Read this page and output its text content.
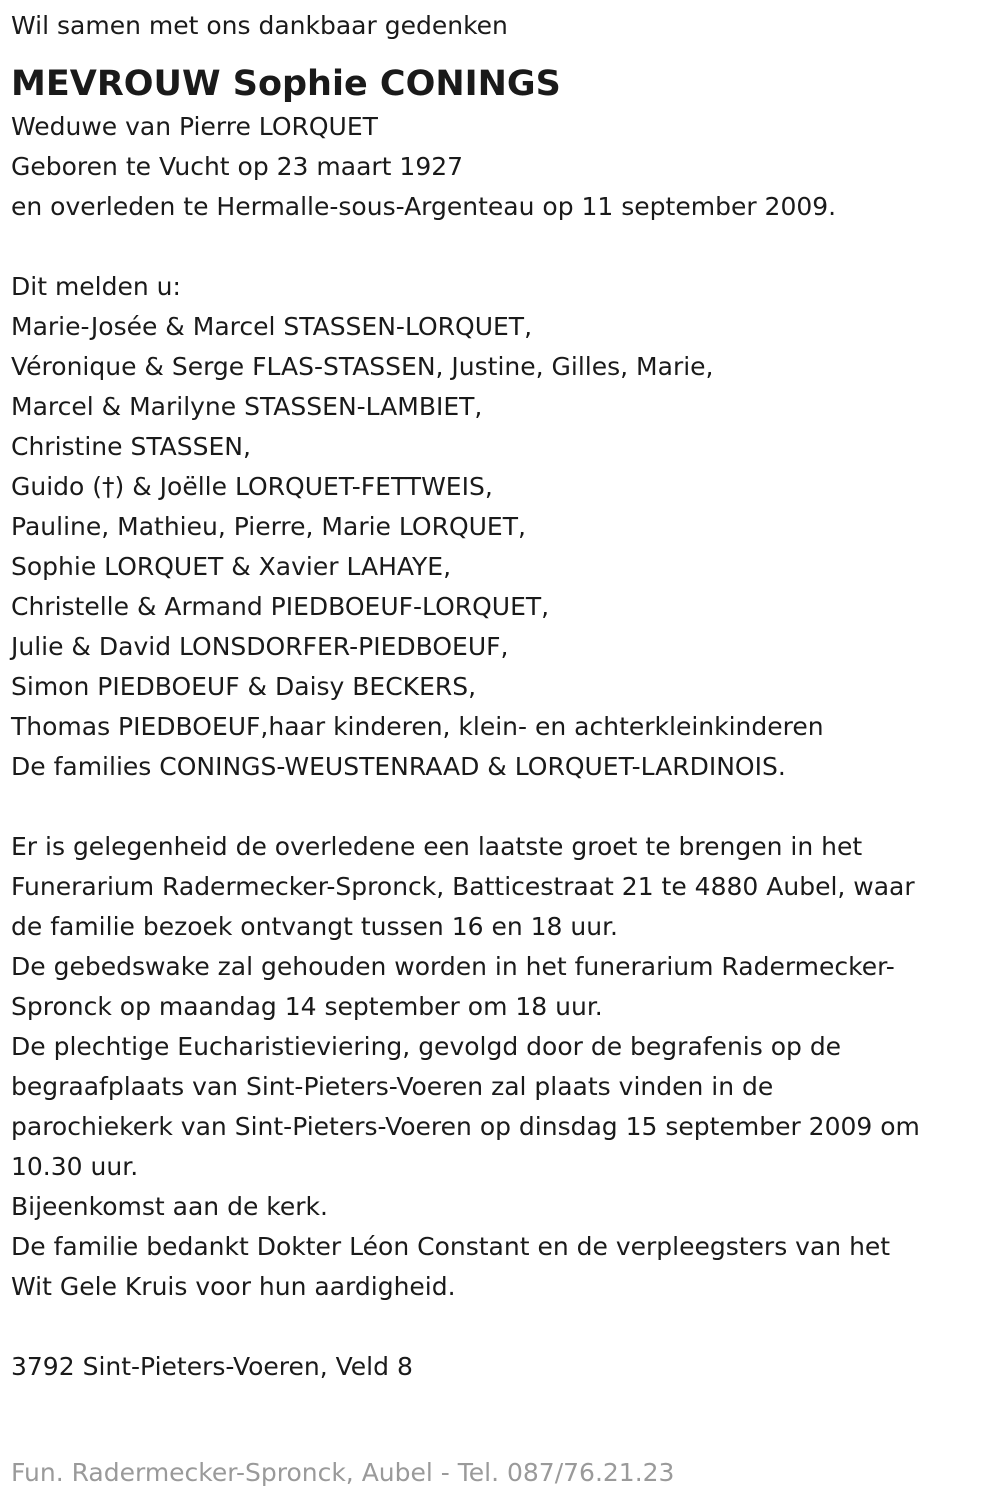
Wil samen met ons dankbaar gedenken

MEVROUW Sophie CONINGS

Weduwe van Pierre LORQUET

Geboren te Vucht op 23 maart 1927

en overleden te Hermalle-sous-Argenteau op 11 september 2009.

Dit melden u:

Marie-Josée & Marcel STASSEN-LORQUET,

Véronique & Serge FLAS-STASSEN, Justine, Gilles, Marie,

Marcel & Marilyne STASSEN-LAMBIET,

Christine STASSEN,

Guido (†) & Joëlle LORQUET-FETTWEIS,

Pauline, Mathieu, Pierre, Marie LORQUET,

Sophie LORQUET & Xavier LAHAYE,

Christelle & Armand PIEDBOEUF-LORQUET,

Julie & David LONSDORFER-PIEDBOEUF,

Simon PIEDBOEUF & Daisy BECKERS,

Thomas PIEDBOEUF,haar kinderen, klein- en achterkleinkinderen

De families CONINGS-WEUSTENRAAD & LORQUET-LARDINOIS.

Er is gelegenheid de overledene een laatste groet te brengen in het

Funerarium Radermecker-Spronck, Batticestraat 21 te 4880 Aubel, waar

de familie bezoek ontvangt tussen 16 en 18 uur.

De gebedswake zal gehouden worden in het funerarium Radermecker-

Spronck op maandag 14 september om 18 uur.

De plechtige Eucharistieviering, gevolgd door de begrafenis op de

begraafplaats van Sint-Pieters-Voeren zal plaats vinden in de

parochiekerk van Sint-Pieters-Voeren op dinsdag 15 september 2009 om

10.30 uur.

Bijeenkomst aan de kerk.

De familie bedankt Dokter Léon Constant en de verpleegsters van het

Wit Gele Kruis voor hun aardigheid.

3792 Sint-Pieters-Voeren, Veld 8

Fun. Radermecker-Spronck, Aubel - Tel. 087/76.21.23
